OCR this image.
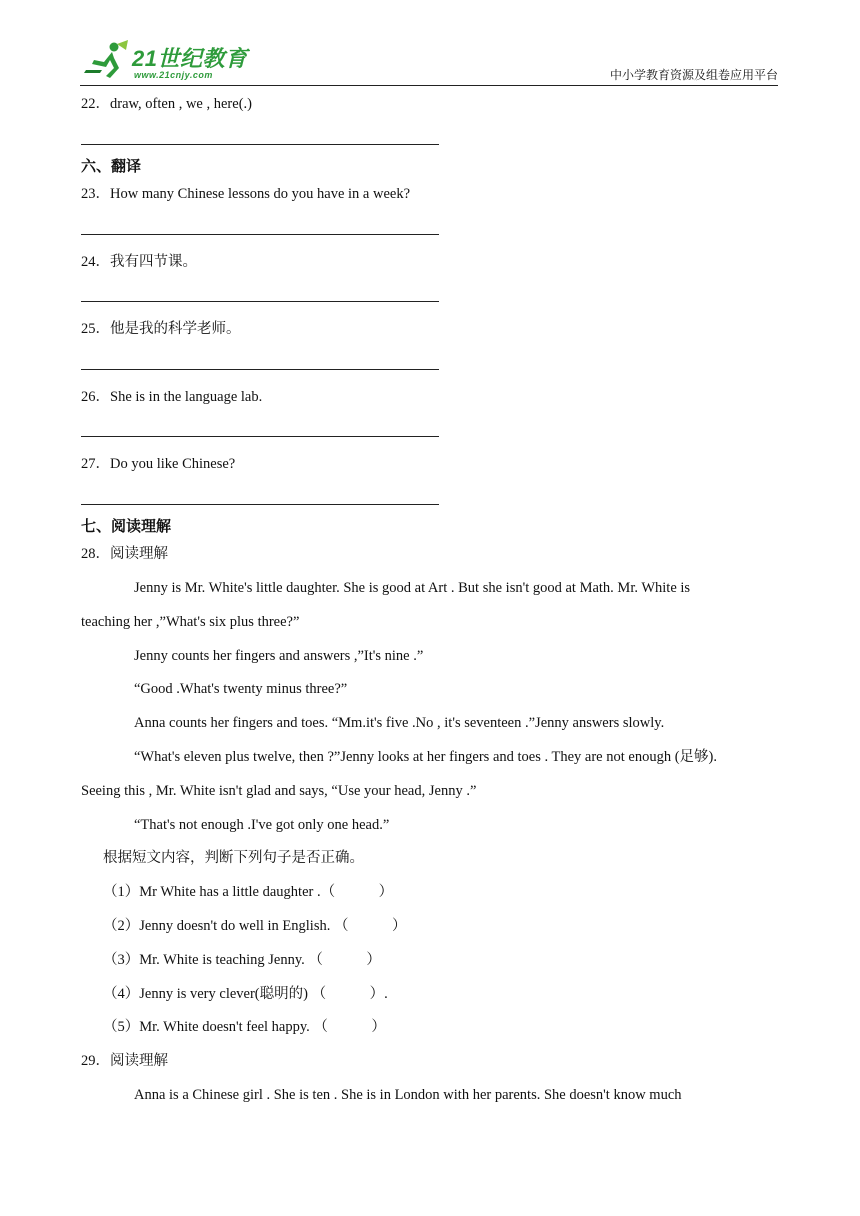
21世纪教育
www.21cnjy.com	中小学教育资源及组卷应用平台
22．draw, often , we , here(.)
六、翻译
23．How many Chinese lessons do you have in a week?
24．我有四节课。
25．他是我的科学老师。
26．She is in the language lab.
27．Do you like Chinese?
七、阅读理解
28．阅读理解
Jenny is Mr. White's little daughter. She is good at Art . But she isn't good at Math. Mr. White is
teaching her ,”What's six plus three?”
Jenny counts her fingers and answers ,”It's nine .”
“Good .What's twenty minus three?”
Anna counts her fingers and toes. “Mm.it's five .No , it's seventeen .”Jenny answers slowly.
“What's eleven plus twelve, then ?”Jenny looks at her fingers and toes . They are not enough (足够).
Seeing this , Mr. White isn't glad and says, “Use your head, Jenny .”
“That's not enough .I've got only one head.”
根据短文内容，判断下列句子是否正确。
（1）Mr White has a little daughter .（　　　）
（2）Jenny doesn't do well in English. （　　　）
（3）Mr. White is teaching Jenny. （　　　）
（4）Jenny is very clever(聪明的) （　　　）.
（5）Mr. White doesn't feel happy. （　　　）
29．阅读理解
Anna is a Chinese girl . She is ten . She is in London with her parents. She doesn't know much
